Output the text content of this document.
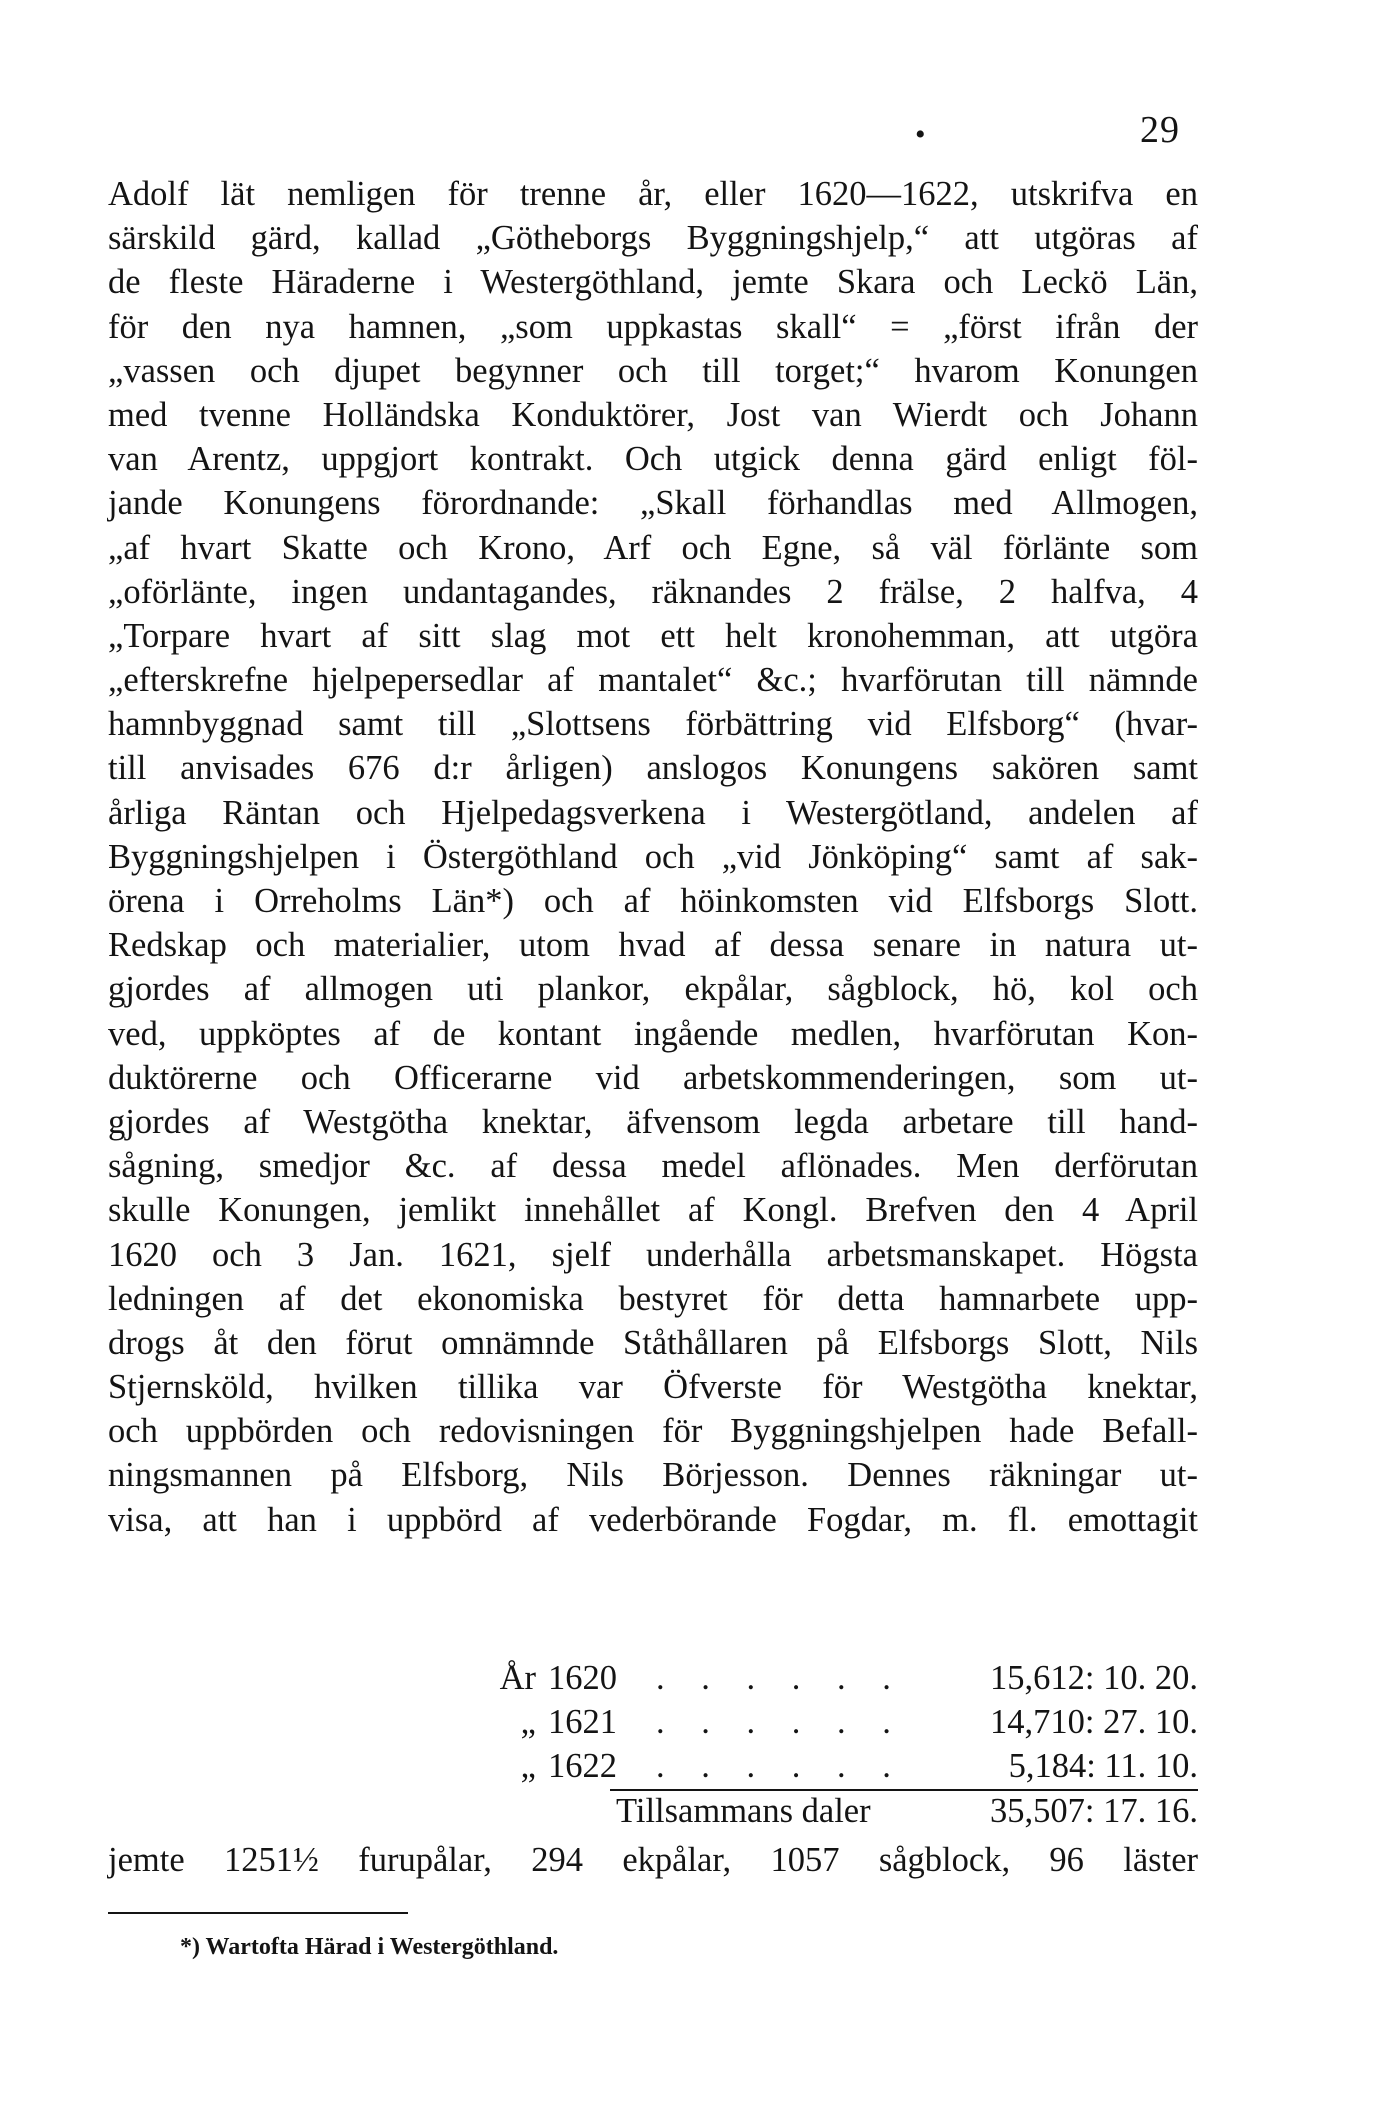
•	29
Adolf lät nemligen för trenne år, eller 1620—1622, utskrifva en
särskild gärd, kallad „Götheborgs Byggningshjelp,“ att utgöras af
de fleste Häraderne i Westergöthland, jemte Skara och Leckö Län,
för den nya hamnen, „som uppkastas skall“ = „först ifrån der
„vassen och djupet begynner och till torget;“ hvarom Konungen
med tvenne Holländska Konduktörer, Jost van Wierdt och Johann
van Arentz, uppgjort kontrakt. Och utgick denna gärd enligt föl-
jande Konungens förordnande: „Skall förhandlas med Allmogen,
„af hvart Skatte och Krono, Arf och Egne, så väl förlänte som
„oförlänte, ingen undantagandes, räknandes 2 frälse, 2 halfva, 4
„Torpare hvart af sitt slag mot ett helt kronohemman, att utgöra
„efterskrefne hjelpepersedlar af mantalet“ &c.; hvarförutan till nämnde
hamnbyggnad samt till „Slottsens förbättring vid Elfsborg“ (hvar-
till anvisades 676 d:r årligen) anslogos Konungens sakören samt
årliga Räntan och Hjelpedagsverkena i Westergötland, andelen af
Byggningshjelpen i Östergöthland och „vid Jönköping“ samt af sak-
örena i Orreholms Län*) och af höinkomsten vid Elfsborgs Slott.
Redskap och materialier, utom hvad af dessa senare in natura ut-
gjordes af allmogen uti plankor, ekpålar, sågblock, hö, kol och
ved, uppköptes af de kontant ingående medlen, hvarförutan Kon-
duktörerne och Officerarne vid arbetskommenderingen, som ut-
gjordes af Westgötha knektar, äfvensom legda arbetare till hand-
sågning, smedjor &c. af dessa medel aflönades. Men derförutan
skulle Konungen, jemlikt innehållet af Kongl. Brefven den 4 April
1620 och 3 Jan. 1621, sjelf underhålla arbetsmanskapet. Högsta
ledningen af det ekonomiska bestyret för detta hamnarbete upp-
drogs åt den förut omnämnde Ståthållaren på Elfsborgs Slott, Nils
Stjernsköld, hvilken tillika var Öfverste för Westgötha knektar,
och uppbörden och redovisningen för Byggningshjelpen hade Befall-
ningsmannen på Elfsborg, Nils Börjesson. Dennes räkningar ut-
visa, att han i uppbörd af vederbörande Fogdar, m. fl. emottagit
År 1620 . . . . . . 15,612: 10. 20.
„ 1621 . . . . . . 14,710: 27. 10.
„ 1622 . . . . . .	5,184: 11. 10.
Tillsammans daler	35,507: 17. 16.
jemte 1251½ furupålar, 294 ekpålar, 1057 sågblock, 96 läster
*) Wartofta Härad i Westergöthland.
